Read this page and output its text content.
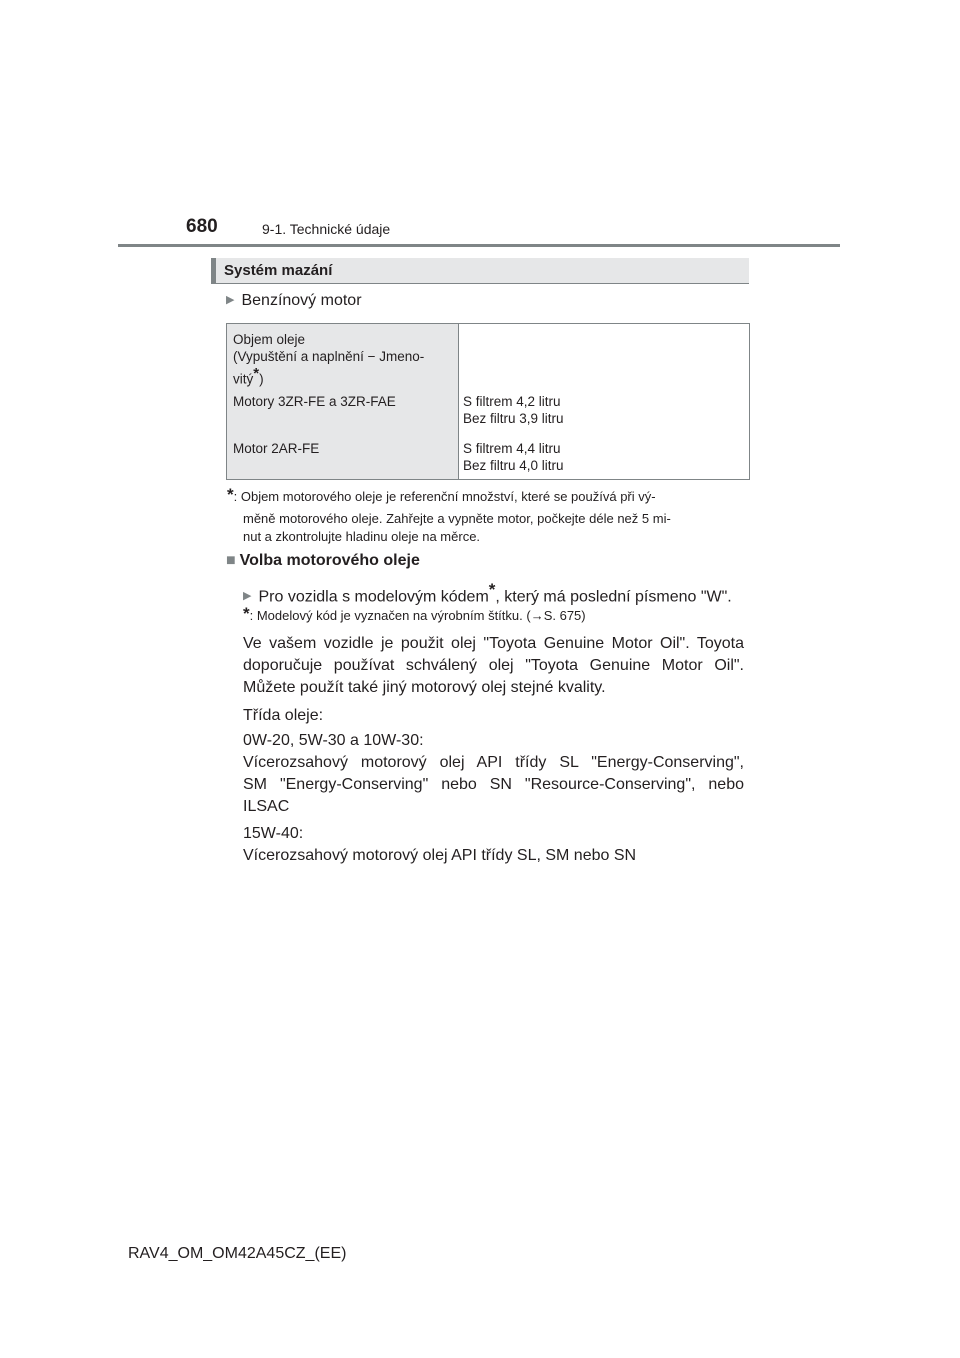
680	9-1. Technické údaje
Systém mazání
▶ Benzínový motor
Objem oleje
(Vypuštění a naplnění − Jmeno-
vitý*)
Motory 3ZR-FE a 3ZR-FAE	S filtrem 4,2 litru
Bez filtru 3,9 litru
Motor 2AR-FE	S filtrem 4,4 litru
Bez filtru 4,0 litru
*: Objem motorového oleje je referenční množství, které se používá při vý-
měně motorového oleje. Zahřejte a vypněte motor, počkejte déle než 5 mi-
nut a zkontrolujte hladinu oleje na měrce.
■ Volba motorového oleje
▶ Pro vozidla s modelovým kódem*, který má poslední písmeno "W".
*: Modelový kód je vyznačen na výrobním štítku. (→S. 675)
Ve vašem vozidle je použit olej "Toyota Genuine Motor Oil". Toyota
doporučuje používat schválený olej "Toyota Genuine Motor Oil".
Můžete použít také jiný motorový olej stejné kvality.
Třída oleje:
0W-20, 5W-30 a 10W-30:
Vícerozsahový motorový olej API třídy SL "Energy-Conserving",
SM "Energy-Conserving" nebo SN "Resource-Conserving", nebo
ILSAC
15W-40:
Vícerozsahový motorový olej API třídy SL, SM nebo SN
RAV4_OM_OM42A45CZ_(EE)
